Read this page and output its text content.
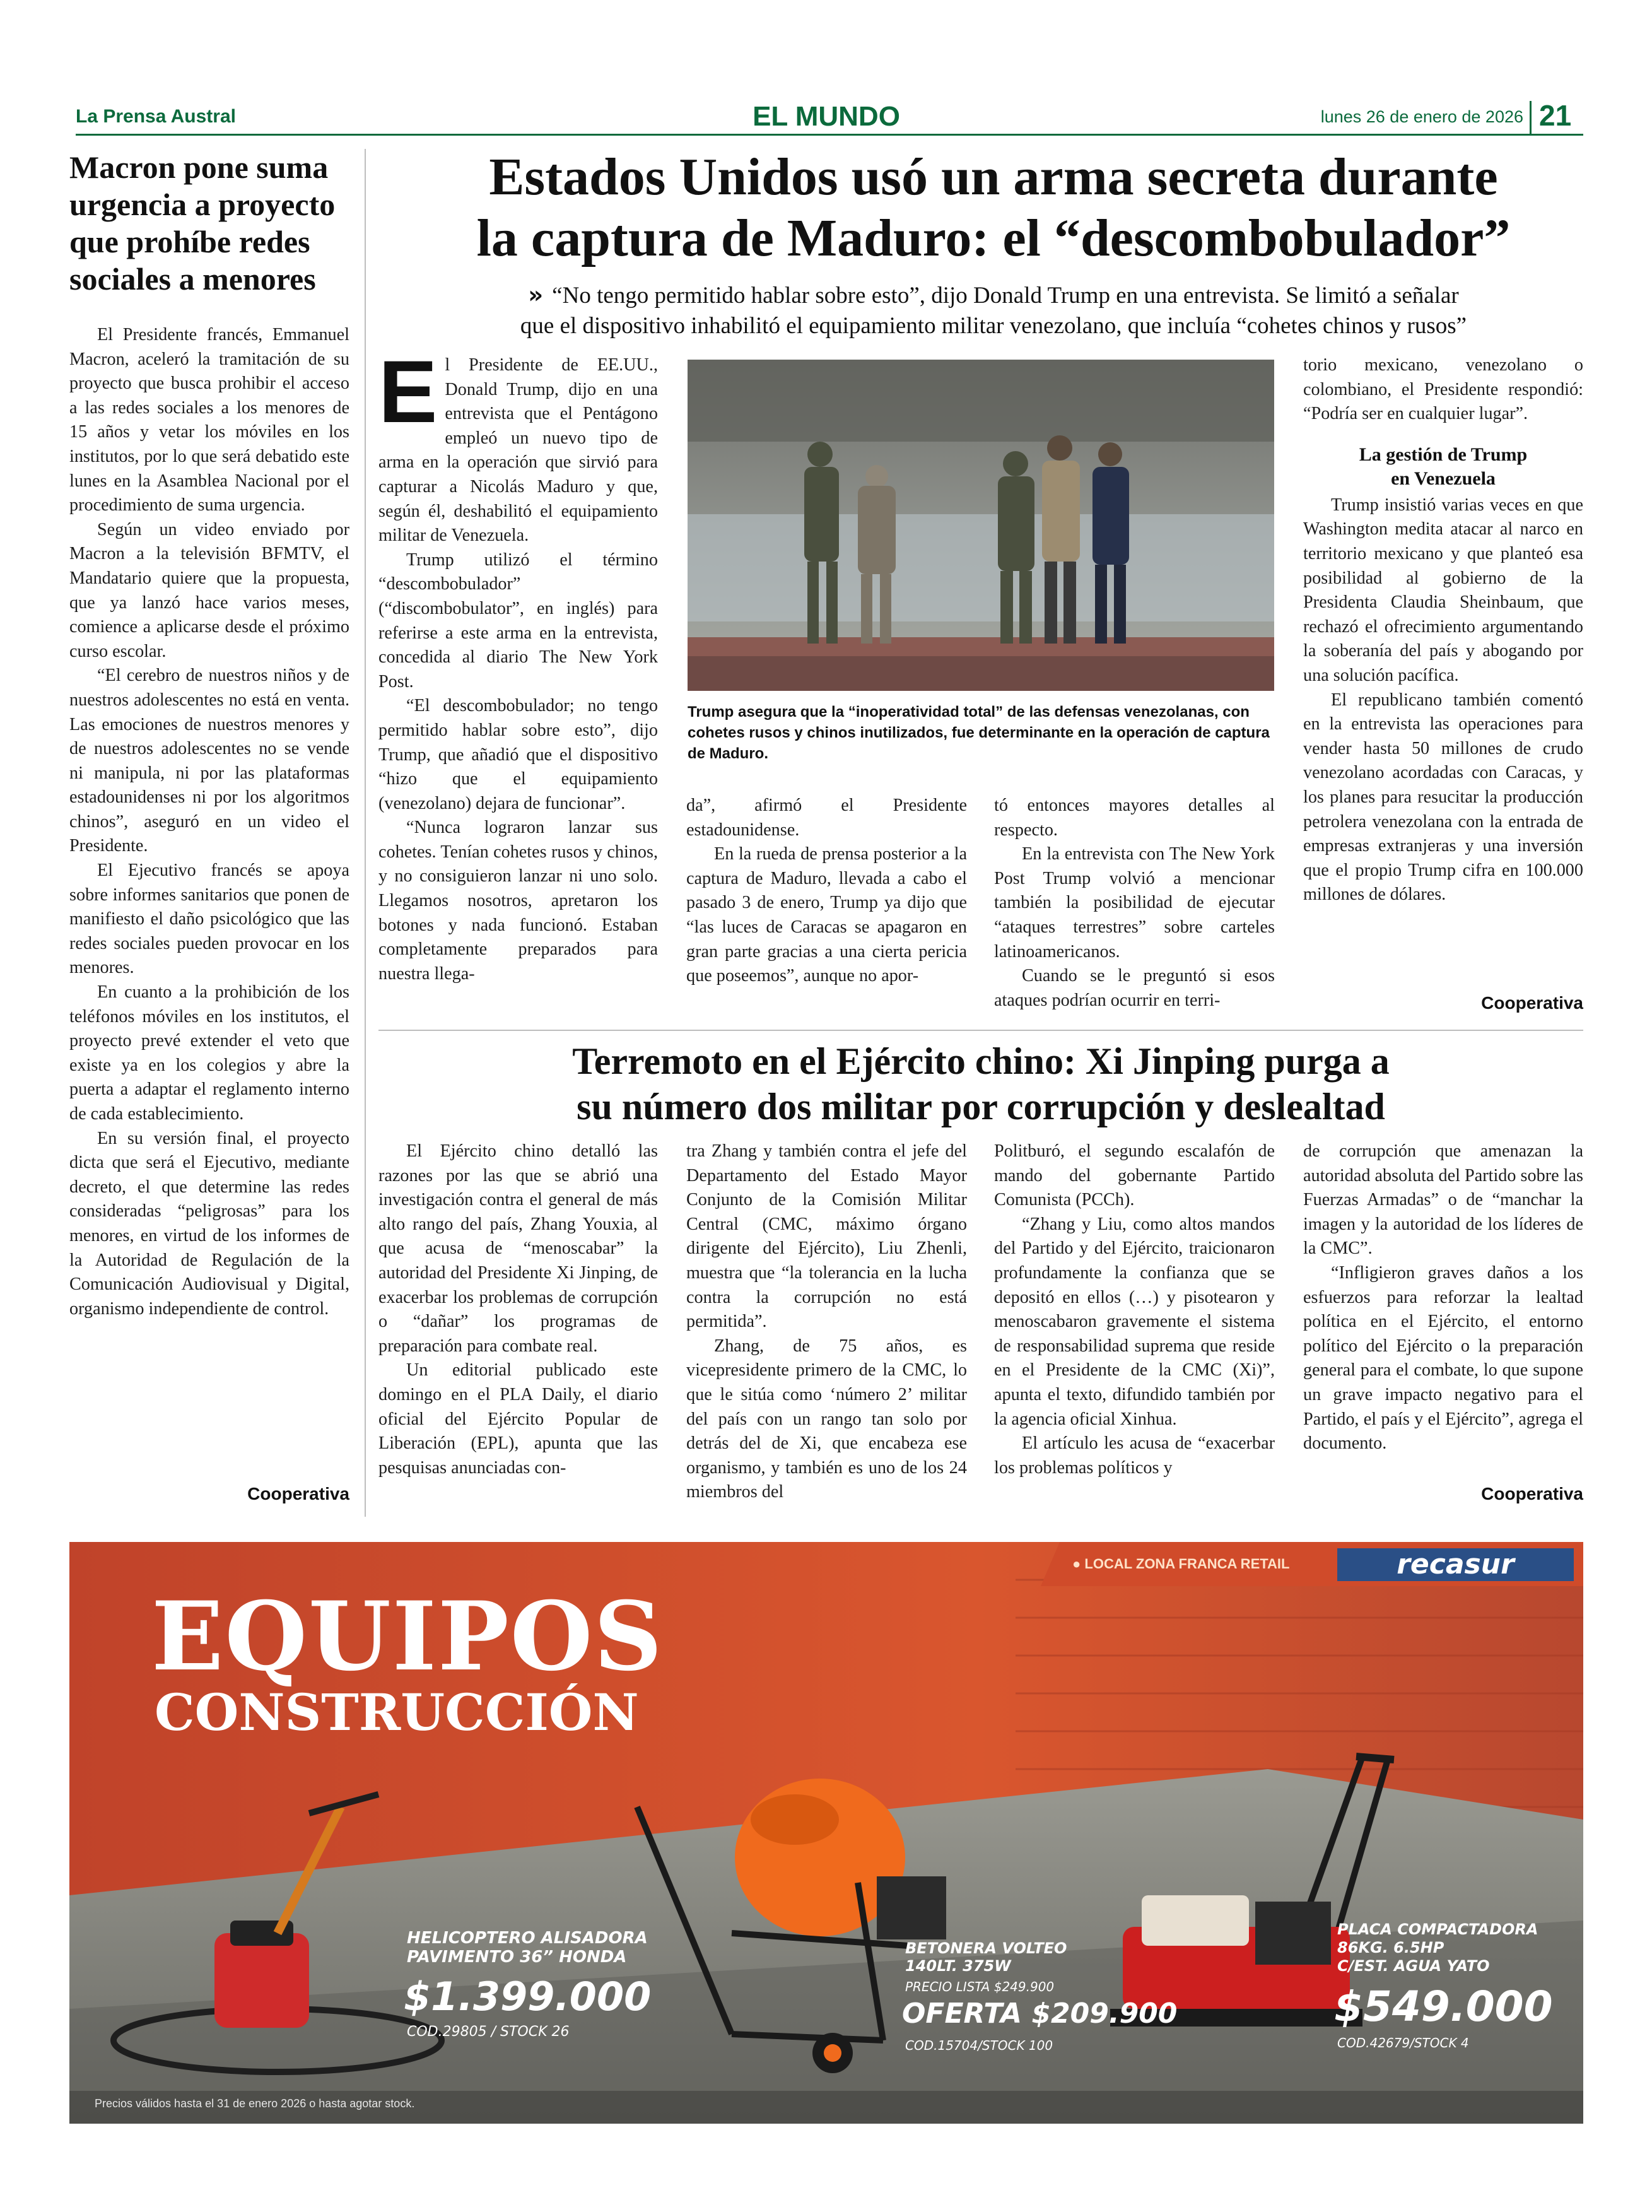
La Prensa Austral	EL MUNDO	lunes 26 de enero de 2026 21
Macron pone suma urgencia a proyecto que prohíbe redes sociales a menores

El Presidente francés, Emmanuel Macron, aceleró la tramitación de su proyecto que busca prohibir el acceso a las redes sociales a los menores de 15 años y vetar los móviles en los institutos, por lo que será debatido este lunes en la Asamblea Nacional por el procedimiento de suma urgencia.

Según un video enviado por Macron a la televisión BFMTV, el Mandatario quiere que la propuesta, que ya lanzó hace varios meses, comience a aplicarse desde el próximo curso escolar.

“El cerebro de nuestros niños y de nuestros adolescentes no está en venta. Las emociones de nuestros menores y de nuestros adolescentes no se vende ni manipula, ni por las plataformas estadounidenses ni por los algoritmos chinos”, aseguró en un video el Presidente.

El Ejecutivo francés se apoya sobre informes sanitarios que ponen de manifiesto el daño psicológico que las redes sociales pueden provocar en los menores.

En cuanto a la prohibición de los teléfonos móviles en los institutos, el proyecto prevé extender el veto que existe ya en los colegios y abre la puerta a adaptar el reglamento interno de cada establecimiento.

En su versión final, el proyecto dicta que será el Ejecutivo, mediante decreto, el que determine las redes consideradas “peligrosas” para los menores, en virtud de los informes de la Autoridad de Regulación de la Comunicación Audiovisual y Digital, organismo independiente de control.

Cooperativa
Estados Unidos usó un arma secreta durante
la captura de Maduro: el “descombobulador”
» “No tengo permitido hablar sobre esto”, dijo Donald Trump en una entrevista. Se limitó a señalar
que el dispositivo inhabilitó el equipamiento militar venezolano, que incluía “cohetes chinos y rusos”

El Presidente de EE.UU., Donald Trump, dijo en una entrevista que el Pentágono empleó un nuevo tipo de arma en la operación que sirvió para capturar a Nicolás Maduro y que, según él, deshabilitó el equipamiento militar de Venezuela.

Trump utilizó el término “descombobulador” (“discombobulator”, en inglés) para referirse a este arma en la entrevista, concedida al diario The New York Post.

“El descombobulador; no tengo permitido hablar sobre esto”, dijo Trump, que añadió que el dispositivo “hizo que el equipamiento (venezolano) dejara de funcionar”.

“Nunca lograron lanzar sus cohetes. Tenían cohetes rusos y chinos, y no consiguieron lanzar ni uno solo. Llegamos nosotros, apretaron los botones y nada funcionó. Estaban completamente preparados para nuestra llega-

Trump asegura que la “inoperatividad total” de las defensas venezolanas, con cohetes rusos y chinos inutilizados, fue determinante en la operación de captura de Maduro.

da”, afirmó el Presidente estadounidense.

En la rueda de prensa posterior a la captura de Maduro, llevada a cabo el pasado 3 de enero, Trump ya dijo que “las luces de Caracas se apagaron en gran parte gracias a una cierta pericia que poseemos”, aunque no apor-

tó entonces mayores detalles al respecto.

En la entrevista con The New York Post Trump volvió a mencionar también la posibilidad de ejecutar “ataques terrestres” sobre carteles latinoamericanos.

Cuando se le preguntó si esos ataques podrían ocurrir en terri-

torio mexicano, venezolano o colombiano, el Presidente respondió: “Podría ser en cualquier lugar”.

La gestión de Trump
en Venezuela

Trump insistió varias veces en que Washington medita atacar al narco en territorio mexicano y que planteó esa posibilidad al gobierno de la Presidenta Claudia Sheinbaum, que rechazó el ofrecimiento argumentando la soberanía del país y abogando por una solución pacífica.

El republicano también comentó en la entrevista las operaciones para vender hasta 50 millones de crudo venezolano acordadas con Caracas, y los planes para resucitar la producción petrolera venezolana con la entrada de empresas extranjeras y una inversión que el propio Trump cifra en 100.000 millones de dólares.

Cooperativa
Terremoto en el Ejército chino: Xi Jinping purga a
su número dos militar por corrupción y deslealtad

El Ejército chino detalló las razones por las que se abrió una investigación contra el general de más alto rango del país, Zhang Youxia, al que acusa de “menoscabar” la autoridad del Presidente Xi Jinping, de exacerbar los problemas de corrupción o “dañar” los programas de preparación para combate real.

Un editorial publicado este domingo en el PLA Daily, el diario oficial del Ejército Popular de Liberación (EPL), apunta que las pesquisas anunciadas con-

tra Zhang y también contra el jefe del Departamento del Estado Mayor Conjunto de la Comisión Militar Central (CMC, máximo órgano dirigente del Ejército), Liu Zhenli, muestra que “la tolerancia en la lucha contra la corrupción no está permitida”.

Zhang, de 75 años, es vicepresidente primero de la CMC, lo que le sitúa como ‘número 2’ militar del país con un rango tan solo por detrás del de Xi, que encabeza ese organismo, y también es uno de los 24 miembros del

Politburó, el segundo escalafón de mando del gobernante Partido Comunista (PCCh).

“Zhang y Liu, como altos mandos del Partido y del Ejército, traicionaron profundamente la confianza que se depositó en ellos (…) y pisotearon y menoscabaron gravemente el sistema de responsabilidad suprema que reside en el Presidente de la CMC (Xi)”, apunta el texto, difundido también por la agencia oficial Xinhua.

El artículo les acusa de “exacerbar los problemas políticos y

de corrupción que amenazan la autoridad absoluta del Partido sobre las Fuerzas Armadas” o de “manchar la imagen y la autoridad de los líderes de la CMC”.

“Infligieron graves daños a los esfuerzos para reforzar la lealtad política en el Ejército, el entorno político del Ejército o la preparación general para el combate, lo que supone un grave impacto negativo para el Partido, el país y el Ejército”, agrega el documento.

Cooperativa
recasur
● LOCAL ZONA FRANCA RETAIL
EQUIPOS
CONSTRUCCIÓN
HELICOPTERO ALISADORA
PAVIMENTO 36” HONDA
$1.399.000
COD.29805 / STOCK 26
BETONERA VOLTEO
140LT. 375W
PRECIO LISTA $249.900
OFERTA $209.900
COD.15704/STOCK 100
PLACA COMPACTADORA
86KG. 6.5HP
C/EST. AGUA YATO
$549.000
COD.42679/STOCK 4
Precios válidos hasta el 31 de enero 2026 o hasta agotar stock.
